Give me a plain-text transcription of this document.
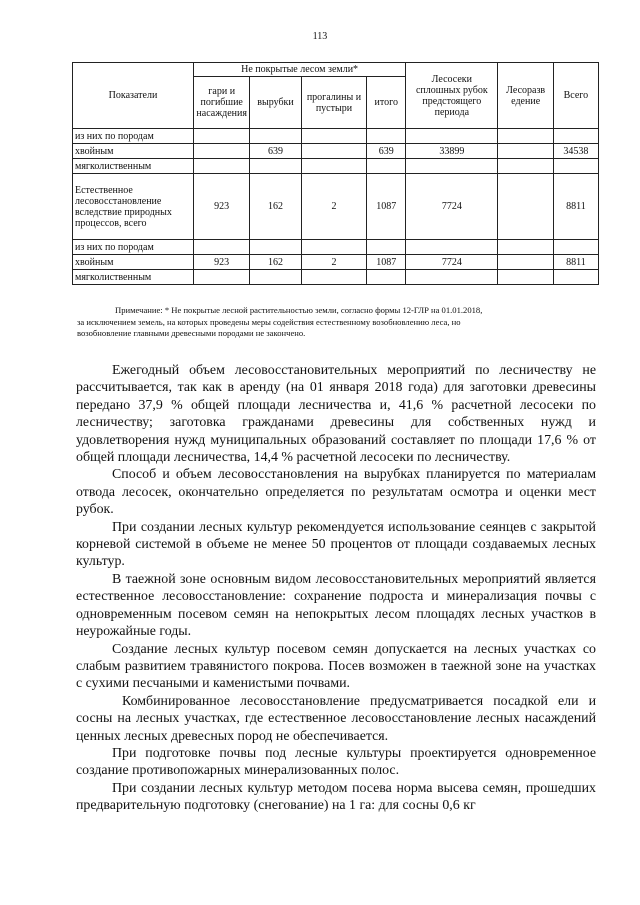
113
Показатели	Не покрытые лесом земли*				Лесосеки сплошных рубок предстоящего периода	Лесоразв едение	Всего
	гари и погибшие насаждения	вырубки	прогалины и пустыри	итого			
из них по породам							
хвойным		639		639	33899		34538
мягколиственным							
Естественное лесовосстановление вследствие природных процессов, всего	923	162	2	1087	7724		8811
из них по породам							
хвойным	923	162	2	1087	7724		8811
мягколиственным							

Примечание: * Не покрытые лесной растительностью земли, согласно формы 12-ГЛР на 01.01.2018,

за исключением земель, на которых проведены меры содействия естественному возобновлению леса, но

возобновление главными древесными породами не закончено.

Ежегодный объем лесовосстановительных мероприятий по лесничеству не рассчитывается, так как в аренду (на 01 января 2018 года) для заготовки древесины передано 37,9 % общей площади лесничества и, 41,6 % расчетной лесосеки по лесничеству; заготовка гражданами древесины для собственных нужд и удовлетворения нужд муниципальных образований составляет по площади 17,6 % от общей площади лесничества, 14,4 % расчетной лесосеки по лесничеству.

Способ и объем лесовосстановления на вырубках планируется по материалам отвода лесосек, окончательно определяется по результатам осмотра и оценки мест рубок.

При создании лесных культур рекомендуется использование сеянцев с закрытой корневой системой в объеме не менее 50 процентов от площади создаваемых лесных культур.

В таежной зоне основным видом лесовосстановительных мероприятий является естественное лесовосстановление: сохранение подроста и минерализация почвы с одновременным посевом семян на непокрытых лесом площадях лесных участков в неурожайные годы.

Создание лесных культур посевом семян допускается на лесных участках со слабым развитием травянистого покрова. Посев возможен в таежной зоне на участках с сухими песчаными и каменистыми почвами.

Комбинированное лесовосстановление предусматривается посадкой ели и сосны на лесных участках, где естественное лесовосстановление лесных насаждений ценных лесных древесных пород не обеспечивается.

При подготовке почвы под лесные культуры проектируется одновременное создание противопожарных минерализованных полос.

При создании лесных культур методом посева норма высева семян, прошедших предварительную подготовку (снегование) на 1 га: для сосны 0,6 кг
